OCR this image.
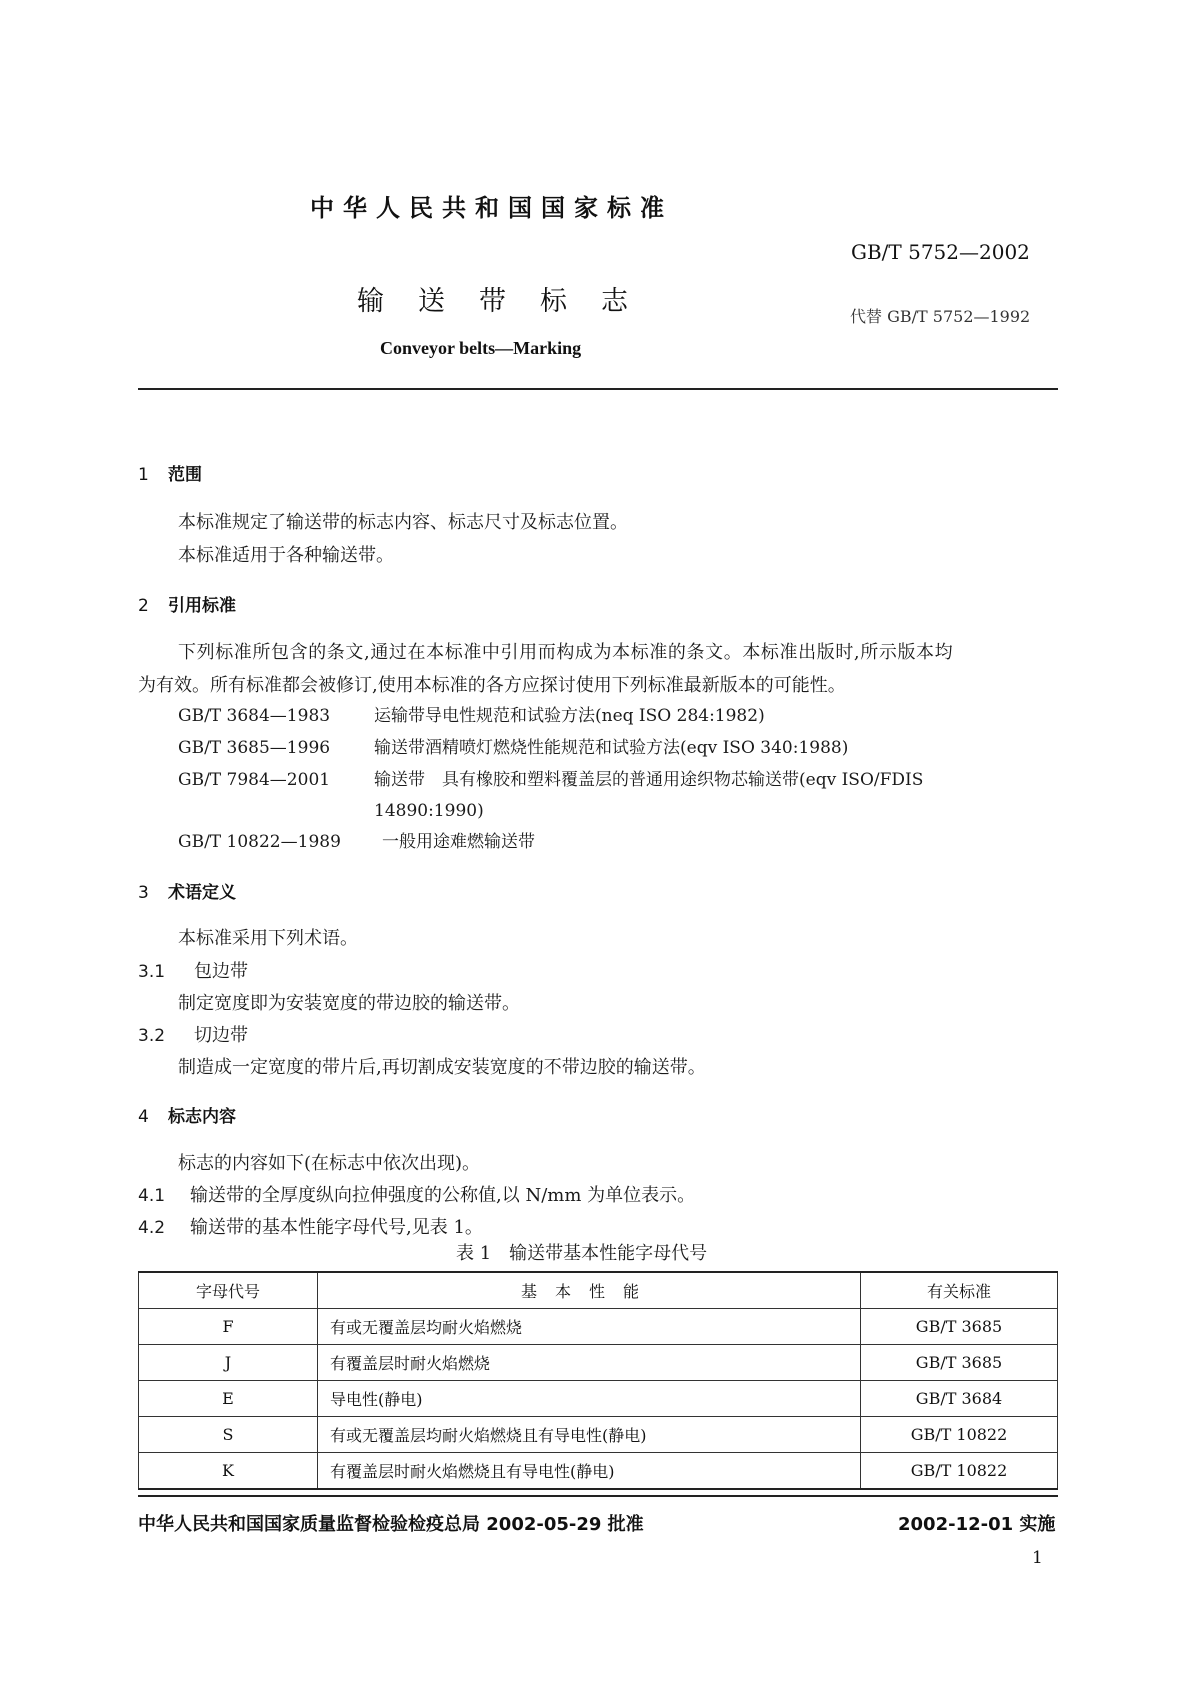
中华人民共和国国家标准
GB/T 5752—2002
输送带标志	代替 GB/T 5752—1992
Conveyor belts—Marking
1 范围
本标准规定了输送带的标志内容、标志尺寸及标志位置。
本标准适用于各种输送带。
2 引用标准
下列标准所包含的条文,通过在本标准中引用而构成为本标准的条文。本标准出版时,所示版本均
为有效。所有标准都会被修订,使用本标准的各方应探讨使用下列标准最新版本的可能性。
GB/T 3684—1983	运输带导电性规范和试验方法(neq ISO 284:1982)
GB/T 3685—1996	输送带酒精喷灯燃烧性能规范和试验方法(eqv ISO 340:1988)
GB/T 7984—2001	输送带　具有橡胶和塑料覆盖层的普通用途织物芯输送带(eqv ISO/FDIS
14890:1990)
GB/T 10822—1989 一般用途难燃输送带
3 术语定义
本标准采用下列术语。
3.1 包边带
制定宽度即为安装宽度的带边胶的输送带。
3.2 切边带
制造成一定宽度的带片后,再切割成安装宽度的不带边胶的输送带。
4 标志内容
标志的内容如下(在标志中依次出现)。
4.1 输送带的全厚度纵向拉伸强度的公称值,以 N/mm 为单位表示。
4.2 输送带的基本性能字母代号,见表 1。
表 1　输送带基本性能字母代号
字母代号	基本性能	有关标准
F	有或无覆盖层均耐火焰燃烧	GB/T 3685
J	有覆盖层时耐火焰燃烧	GB/T 3685
E	导电性(静电)	GB/T 3684
S	有或无覆盖层均耐火焰燃烧且有导电性(静电)	GB/T 10822
K	有覆盖层时耐火焰燃烧且有导电性(静电)	GB/T 10822
中华人民共和国国家质量监督检验检疫总局 2002-05-29 批准	2002-12-01 实施
1
